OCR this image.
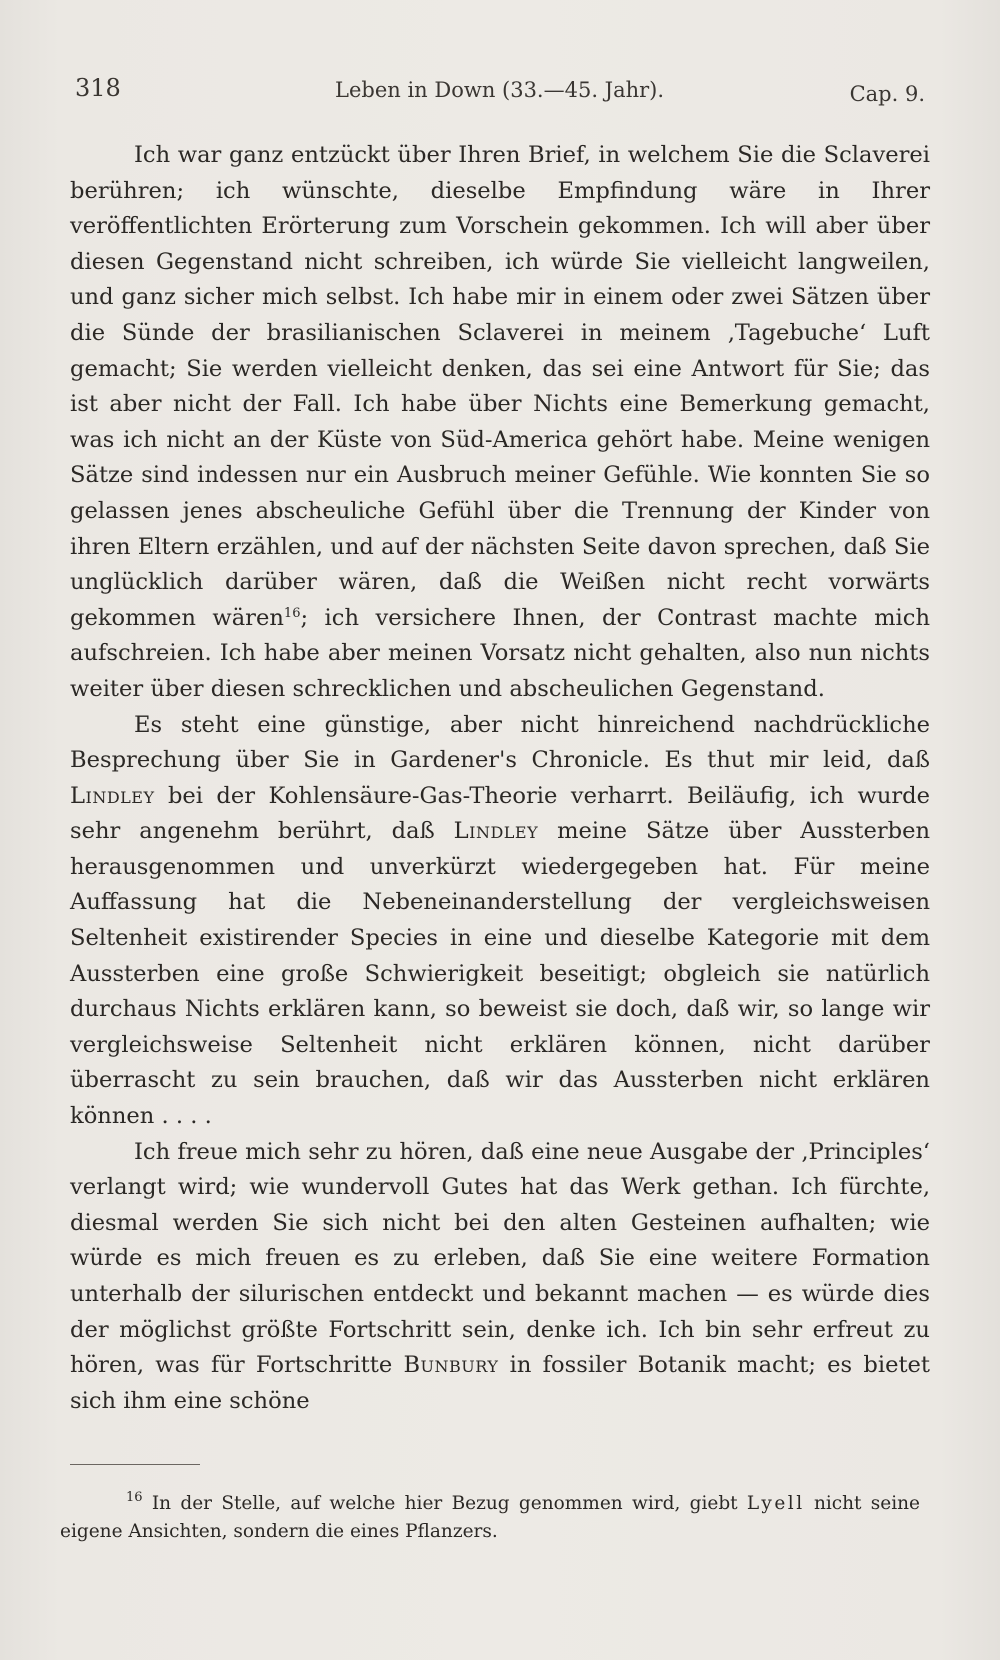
318	Leben in Down (33.—45. Jahr).	Cap. 9.

Ich war ganz entzückt über Ihren Brief, in welchem Sie die Sclaverei berühren; ich wünschte, dieselbe Empfindung wäre in Ihrer veröffentlichten Erörterung zum Vorschein gekommen. Ich will aber über diesen Gegenstand nicht schreiben, ich würde Sie vielleicht langweilen, und ganz sicher mich selbst. Ich habe mir in einem oder zwei Sätzen über die Sünde der brasilianischen Sclaverei in meinem ‚Tagebuche‘ Luft gemacht; Sie werden vielleicht denken, das sei eine Antwort für Sie; das ist aber nicht der Fall. Ich habe über Nichts eine Bemerkung gemacht, was ich nicht an der Küste von Süd-America gehört habe. Meine wenigen Sätze sind indessen nur ein Ausbruch meiner Gefühle. Wie konnten Sie so gelassen jenes abscheuliche Gefühl über die Trennung der Kinder von ihren Eltern erzählen, und auf der nächsten Seite davon sprechen, daß Sie unglücklich darüber wären, daß die Weißen nicht recht vorwärts gekommen wären$^{16}$; ich versichere Ihnen, der Contrast machte mich aufschreien. Ich habe aber meinen Vorsatz nicht gehalten, also nun nichts weiter über diesen schrecklichen und abscheulichen Gegenstand.

Es steht eine günstige, aber nicht hinreichend nachdrückliche Besprechung über Sie in Gardener's Chronicle. Es thut mir leid, daß Lindley bei der Kohlensäure-Gas-Theorie verharrt. Beiläufig, ich wurde sehr angenehm berührt, daß Lindley meine Sätze über Aussterben herausgenommen und unverkürzt wiedergegeben hat. Für meine Auffassung hat die Nebeneinanderstellung der vergleichsweisen Seltenheit existirender Species in eine und dieselbe Kategorie mit dem Aussterben eine große Schwierigkeit beseitigt; obgleich sie natürlich durchaus Nichts erklären kann, so beweist sie doch, daß wir, so lange wir vergleichsweise Seltenheit nicht erklären können, nicht darüber überrascht zu sein brauchen, daß wir das Aussterben nicht erklären können . . . .

Ich freue mich sehr zu hören, daß eine neue Ausgabe der ‚Principles‘ verlangt wird; wie wundervoll Gutes hat das Werk gethan. Ich fürchte, diesmal werden Sie sich nicht bei den alten Gesteinen aufhalten; wie würde es mich freuen es zu erleben, daß Sie eine weitere Formation unterhalb der silurischen entdeckt und bekannt machen — es würde dies der möglichst größte Fortschritt sein, denke ich. Ich bin sehr erfreut zu hören, was für Fortschritte Bunbury in fossiler Botanik macht; es bietet sich ihm eine schöne

$^{16}$ In der Stelle, auf welche hier Bezug genommen wird, giebt Lyell nicht seine eigene Ansichten, sondern die eines Pflanzers.
